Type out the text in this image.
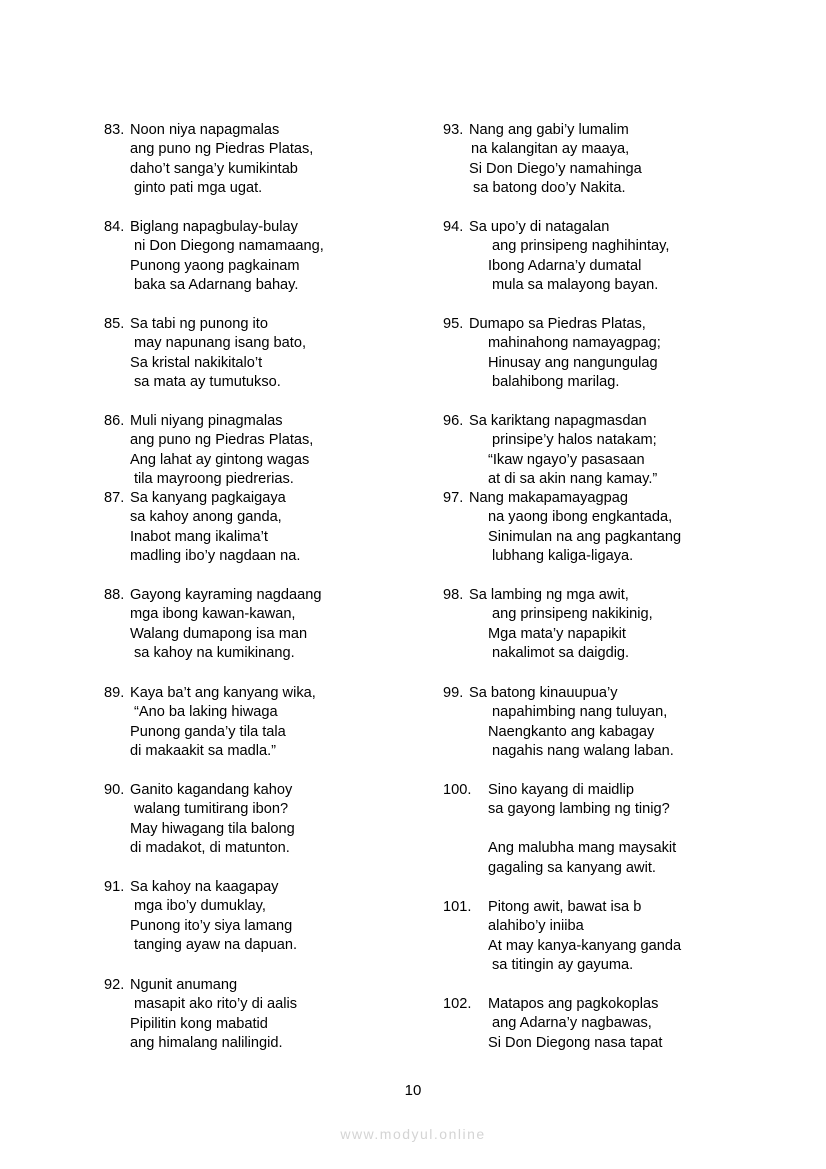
83. Noon niya napagmalas
ang puno ng Piedras Platas,
daho’t sanga’y kumikintab
ginto pati mga ugat.
84. Biglang napagbulay-bulay
ni Don Diegong namamaang,
Punong yaong pagkainam
baka sa Adarnang bahay.
85. Sa tabi ng punong ito
may napunang isang bato,
Sa kristal nakikitalo’t
sa mata ay tumutukso.
86. Muli niyang pinagmalas
ang puno ng Piedras Platas,
Ang lahat ay gintong wagas
tila mayroong piedrerias.
87. Sa kanyang pagkaigaya
sa kahoy anong ganda,
Inabot mang ikalima’t
madling ibo’y nagdaan na.
88. Gayong kayraming nagdaang
mga ibong kawan-kawan,
Walang dumapong isa man
sa kahoy na kumikinang.
89. Kaya ba’t ang kanyang wika,
“Ano ba laking hiwaga
Punong ganda’y tila tala
di makaakit sa madla.”
90. Ganito kagandang kahoy
walang tumitirang ibon?
May hiwagang tila balong
di madakot, di matunton.
91. Sa kahoy na kaagapay
mga ibo’y dumuklay,
Punong ito’y siya lamang
tanging ayaw na dapuan.
92. Ngunit anumang
masapit ako rito’y di aalis
Pipilitin kong mabatid
ang himalang nalilingid.
93. Nang ang gabi’y lumalim
na kalangitan ay maaya,
Si Don Diego’y namahinga
sa batong doo’y Nakita.
94. Sa upo’y di natagalan
ang prinsipeng naghihintay,
Ibong Adarna’y dumatal
mula sa malayong bayan.
95. Dumapo sa Piedras Platas,
mahinahong namayagpag;
Hinusay ang nangungulag
balahibong marilag.
96. Sa kariktang napagmasdan
prinsipe’y halos natakam;
“Ikaw ngayo’y pasasaan
at di sa akin nang kamay.”
97. Nang makapamayagpag
na yaong ibong engkantada,
Sinimulan na ang pagkantang
lubhang kaliga-ligaya.
98. Sa lambing ng mga awit,
ang prinsipeng nakikinig,
Mga mata’y napapikit
nakalimot sa daigdig.
99. Sa batong kinauupua’y
napahimbing nang tuluyan,
Naengkanto ang kabagay
nagahis nang walang laban.
100. Sino kayang di maidlip
sa gayong lambing ng tinig?
Ang malubha mang maysakit
gagaling sa kanyang awit.
101. Pitong awit, bawat isa b
alahibo’y iniiba
At may kanya-kanyang ganda
sa titingin ay gayuma.
102. Matapos ang pagkokoplas
ang Adarna’y nagbawas,
Si Don Diegong nasa tapat
10
www.modyul.online
